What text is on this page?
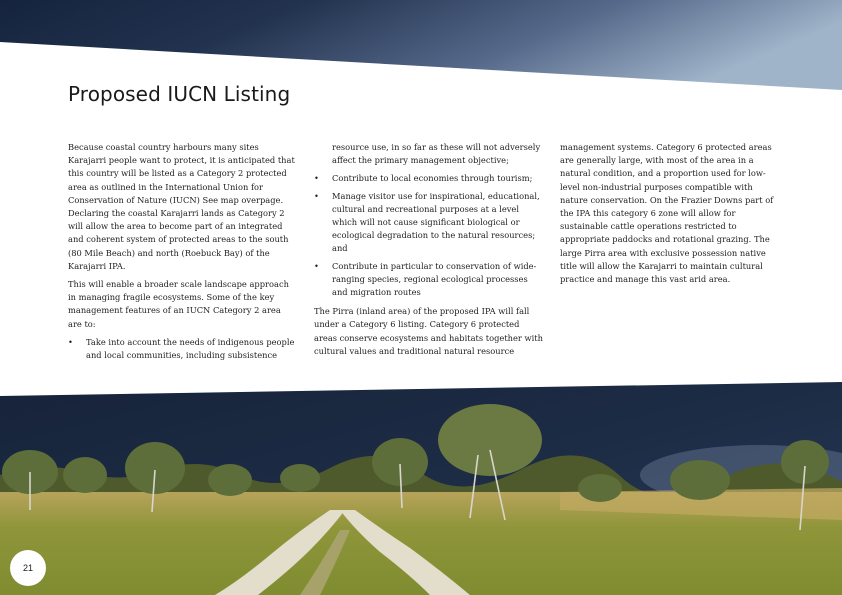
Proposed IUCN Listing

Because coastal country harbours many sites Karajarri people want to protect, it is anticipated that this country will be listed as a Category 2 protected area as outlined in the International Union for Conservation of Nature (IUCN) See map overpage. Declaring the coastal Karajarri lands as Category 2 will allow the area to become part of an integrated and coherent system of protected areas to the south (80 Mile Beach) and north (Roebuck Bay) of the Karajarri IPA.

This will enable a broader scale landscape approach in managing fragile ecosystems. Some of the key management features of an IUCN Category 2 area are to:

• Take into account the needs of indigenous people and local communities, including subsistence

resource use, in so far as these will not adversely affect the primary management objective;

• Contribute to local economies through tourism;
• Manage visitor use for inspirational, educational, cultural and recreational purposes at a level which will not cause significant biological or ecological degradation to the natural resources; and
• Contribute in particular to conservation of wide-ranging species, regional ecological processes and migration routes

The Pirra (inland area) of the proposed IPA will fall under a Category 6 listing. Category 6 protected areas conserve ecosystems and habitats together with cultural values and traditional natural resource

management systems. Category 6 protected areas are generally large, with most of the area in a natural condition, and a proportion used for low-level non-industrial purposes compatible with nature conservation. On the Frazier Downs part of the IPA this category 6 zone will allow for sustainable cattle operations restricted to appropriate paddocks and rotational grazing. The large Pirra area with exclusive possession native title will allow the Karajarri to maintain cultural practice and manage this vast arid area.

21
